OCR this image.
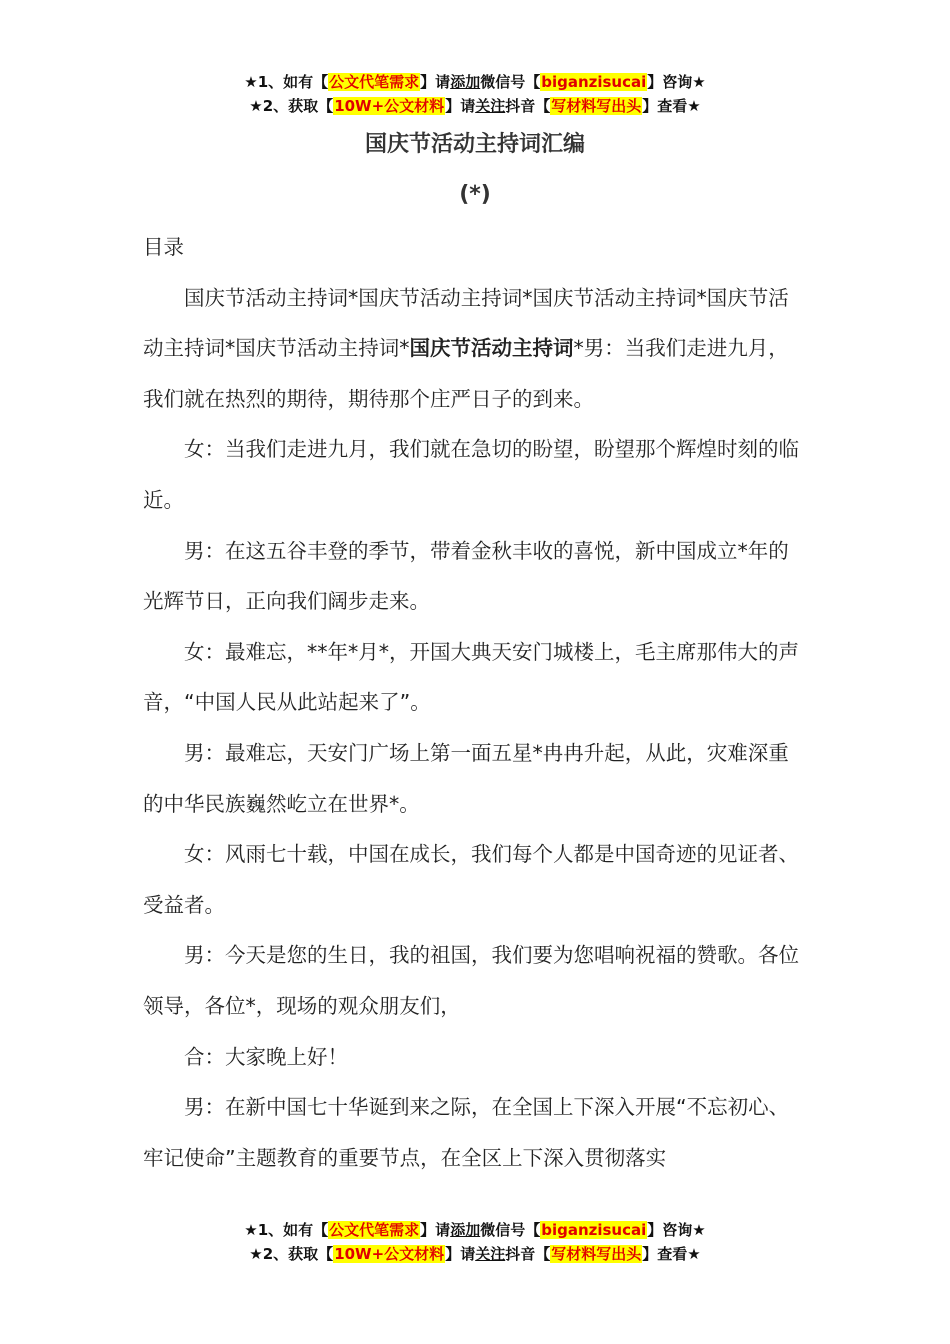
★1、如有【公文代笔需求】请添加微信号【biganzisucai】咨询★
★2、获取【10W+公文材料】请关注抖音【写材料写出头】查看★
国庆节活动主持词汇编
(*)

目录

国庆节活动主持词*国庆节活动主持词*国庆节活动主持词*国庆节活动主持词*国庆节活动主持词*国庆节活动主持词*男：当我们走进九月，我们就在热烈的期待，期待那个庄严日子的到来。

女：当我们走进九月，我们就在急切的盼望，盼望那个辉煌时刻的临近。

男：在这五谷丰登的季节，带着金秋丰收的喜悦，新中国成立*年的光辉节日，正向我们阔步走来。

女：最难忘，**年*月*，开国大典天安门城楼上，毛主席那伟大的声音，“中国人民从此站起来了”。

男：最难忘，天安门广场上第一面五星*冉冉升起，从此，灾难深重的中华民族巍然屹立在世界*。

女：风雨七十载，中国在成长，我们每个人都是中国奇迹的见证者、受益者。

男：今天是您的生日，我的祖国，我们要为您唱响祝福的赞歌。各位领导，各位*，现场的观众朋友们，

合：大家晚上好！

男：在新中国七十华诞到来之际，在全国上下深入开展“不忘初心、牢记使命”主题教育的重要节点，在全区上下深入贯彻落实

★1、如有【公文代笔需求】请添加微信号【biganzisucai】咨询★
★2、获取【10W+公文材料】请关注抖音【写材料写出头】查看★
